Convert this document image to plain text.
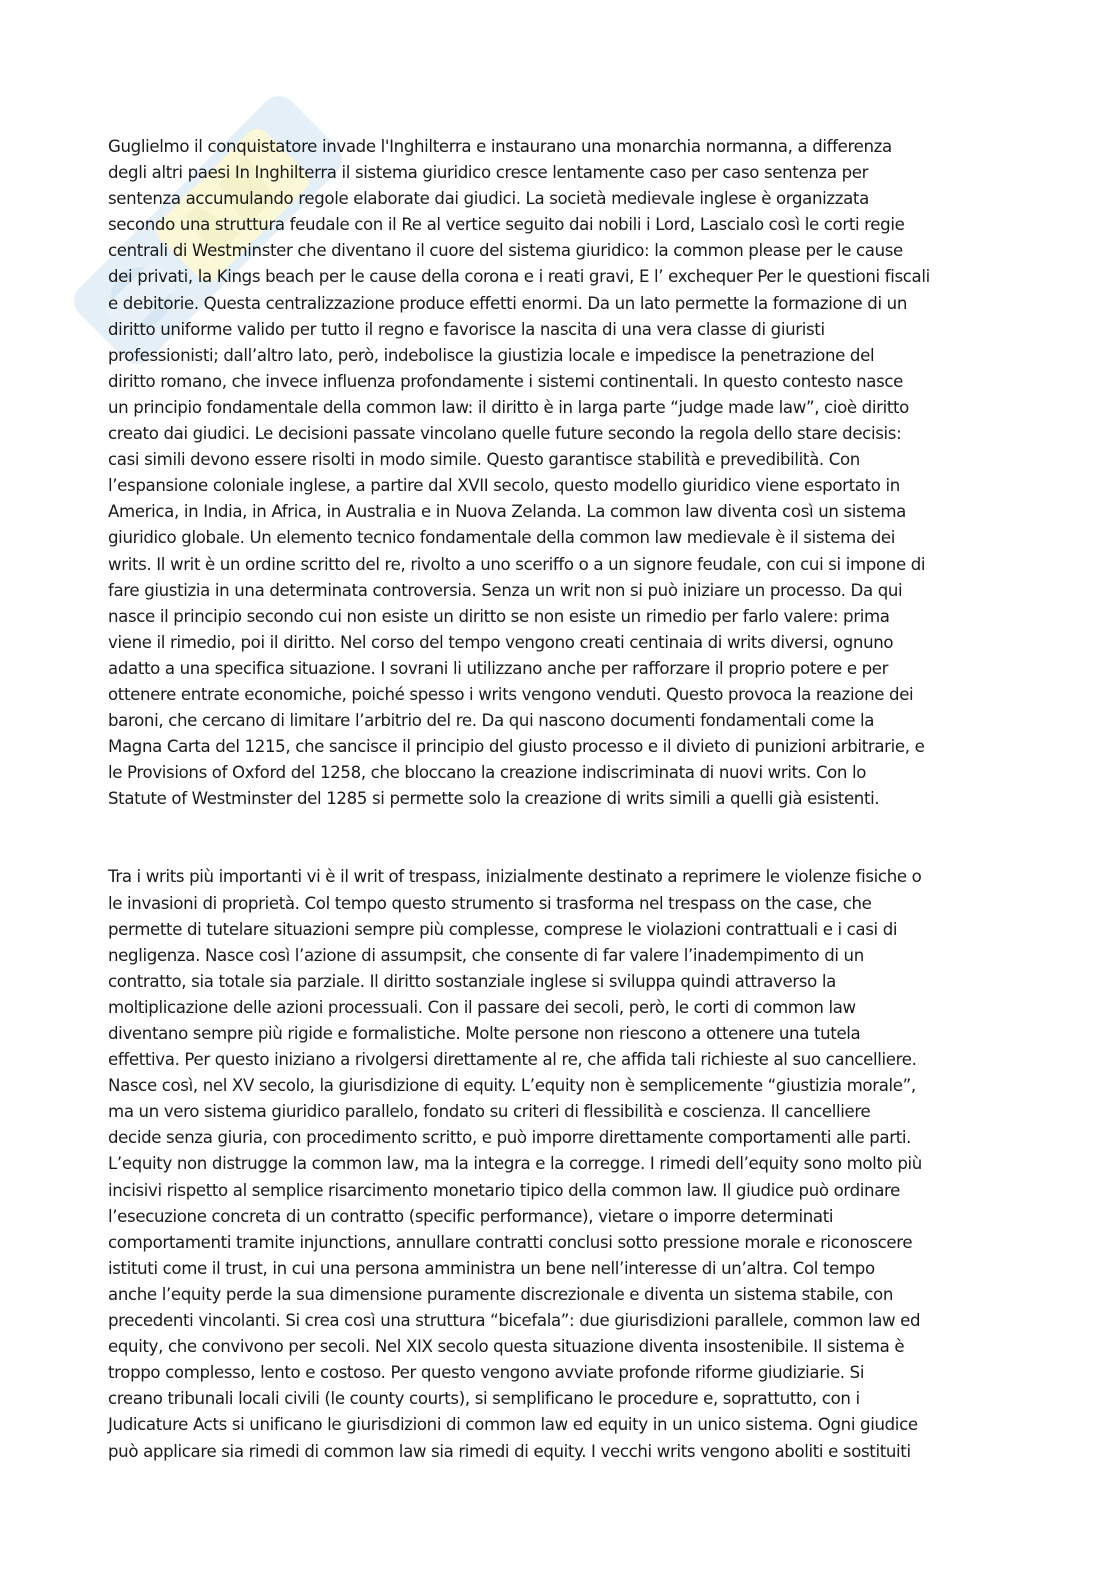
Guglielmo il conquistatore invade l'Inghilterra e instaurano una monarchia normanna, a differenza
degli altri paesi In Inghilterra il sistema giuridico cresce lentamente caso per caso sentenza per
sentenza accumulando regole elaborate dai giudici. La società medievale inglese è organizzata
secondo una struttura feudale con il Re al vertice seguito dai nobili i Lord, Lascialo così le corti regie
centrali di Westminster che diventano il cuore del sistema giuridico: la common please per le cause
dei privati, la Kings beach per le cause della corona e i reati gravi, E l’ exchequer Per le questioni fiscali
e debitorie. Questa centralizzazione produce effetti enormi. Da un lato permette la formazione di un
diritto uniforme valido per tutto il regno e favorisce la nascita di una vera classe di giuristi
professionisti; dall’altro lato, però, indebolisce la giustizia locale e impedisce la penetrazione del
diritto romano, che invece influenza profondamente i sistemi continentali. In questo contesto nasce
un principio fondamentale della common law: il diritto è in larga parte “judge made law”, cioè diritto
creato dai giudici. Le decisioni passate vincolano quelle future secondo la regola dello stare decisis:
casi simili devono essere risolti in modo simile. Questo garantisce stabilità e prevedibilità. Con
l’espansione coloniale inglese, a partire dal XVII secolo, questo modello giuridico viene esportato in
America, in India, in Africa, in Australia e in Nuova Zelanda. La common law diventa così un sistema
giuridico globale. Un elemento tecnico fondamentale della common law medievale è il sistema dei
writs. Il writ è un ordine scritto del re, rivolto a uno sceriffo o a un signore feudale, con cui si impone di
fare giustizia in una determinata controversia. Senza un writ non si può iniziare un processo. Da qui
nasce il principio secondo cui non esiste un diritto se non esiste un rimedio per farlo valere: prima
viene il rimedio, poi il diritto. Nel corso del tempo vengono creati centinaia di writs diversi, ognuno
adatto a una specifica situazione. I sovrani li utilizzano anche per rafforzare il proprio potere e per
ottenere entrate economiche, poiché spesso i writs vengono venduti. Questo provoca la reazione dei
baroni, che cercano di limitare l’arbitrio del re. Da qui nascono documenti fondamentali come la
Magna Carta del 1215, che sancisce il principio del giusto processo e il divieto di punizioni arbitrarie, e
le Provisions of Oxford del 1258, che bloccano la creazione indiscriminata di nuovi writs. Con lo
Statute of Westminster del 1285 si permette solo la creazione di writs simili a quelli già esistenti.

Tra i writs più importanti vi è il writ of trespass, inizialmente destinato a reprimere le violenze fisiche o
le invasioni di proprietà. Col tempo questo strumento si trasforma nel trespass on the case, che
permette di tutelare situazioni sempre più complesse, comprese le violazioni contrattuali e i casi di
negligenza. Nasce così l’azione di assumpsit, che consente di far valere l’inadempimento di un
contratto, sia totale sia parziale. Il diritto sostanziale inglese si sviluppa quindi attraverso la
moltiplicazione delle azioni processuali. Con il passare dei secoli, però, le corti di common law
diventano sempre più rigide e formalistiche. Molte persone non riescono a ottenere una tutela
effettiva. Per questo iniziano a rivolgersi direttamente al re, che affida tali richieste al suo cancelliere.
Nasce così, nel XV secolo, la giurisdizione di equity. L’equity non è semplicemente “giustizia morale”,
ma un vero sistema giuridico parallelo, fondato su criteri di flessibilità e coscienza. Il cancelliere
decide senza giuria, con procedimento scritto, e può imporre direttamente comportamenti alle parti.
L’equity non distrugge la common law, ma la integra e la corregge. I rimedi dell’equity sono molto più
incisivi rispetto al semplice risarcimento monetario tipico della common law. Il giudice può ordinare
l’esecuzione concreta di un contratto (specific performance), vietare o imporre determinati
comportamenti tramite injunctions, annullare contratti conclusi sotto pressione morale e riconoscere
istituti come il trust, in cui una persona amministra un bene nell’interesse di un’altra. Col tempo
anche l’equity perde la sua dimensione puramente discrezionale e diventa un sistema stabile, con
precedenti vincolanti. Si crea così una struttura “bicefala”: due giurisdizioni parallele, common law ed
equity, che convivono per secoli. Nel XIX secolo questa situazione diventa insostenibile. Il sistema è
troppo complesso, lento e costoso. Per questo vengono avviate profonde riforme giudiziarie. Si
creano tribunali locali civili (le county courts), si semplificano le procedure e, soprattutto, con i
Judicature Acts si unificano le giurisdizioni di common law ed equity in un unico sistema. Ogni giudice
può applicare sia rimedi di common law sia rimedi di equity. I vecchi writs vengono aboliti e sostituiti
